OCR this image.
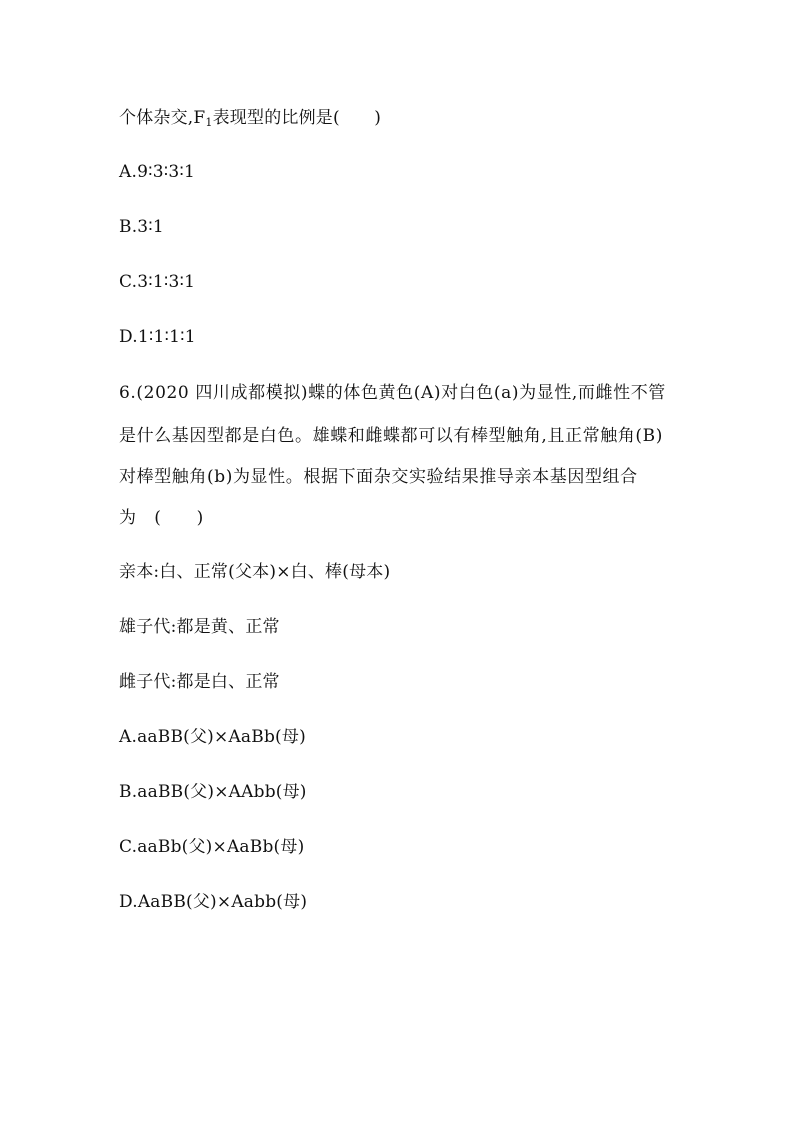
个体杂交$,F_1$表现型的比例是(　　)
A.9∶3∶3∶1
B.3∶1
C.3∶1∶3∶1
D.1∶1∶1∶1
6.(2020 四川成都模拟)蝶的体色黄色(A)对白色(a)为显性,而雌性不管
是什么基因型都是白色。雄蝶和雌蝶都可以有棒型触角,且正常触角(B)
对棒型触角(b)为显性。根据下面杂交实验结果推导亲本基因型组合
为　(　　)
亲本:白、正常(父本)×白、棒(母本)
雄子代:都是黄、正常
雌子代:都是白、正常
A.aaBB(父)×AaBb(母)
B.aaBB(父)×AAbb(母)
C.aaBb(父)×AaBb(母)
D.AaBB(父)×Aabb(母)
